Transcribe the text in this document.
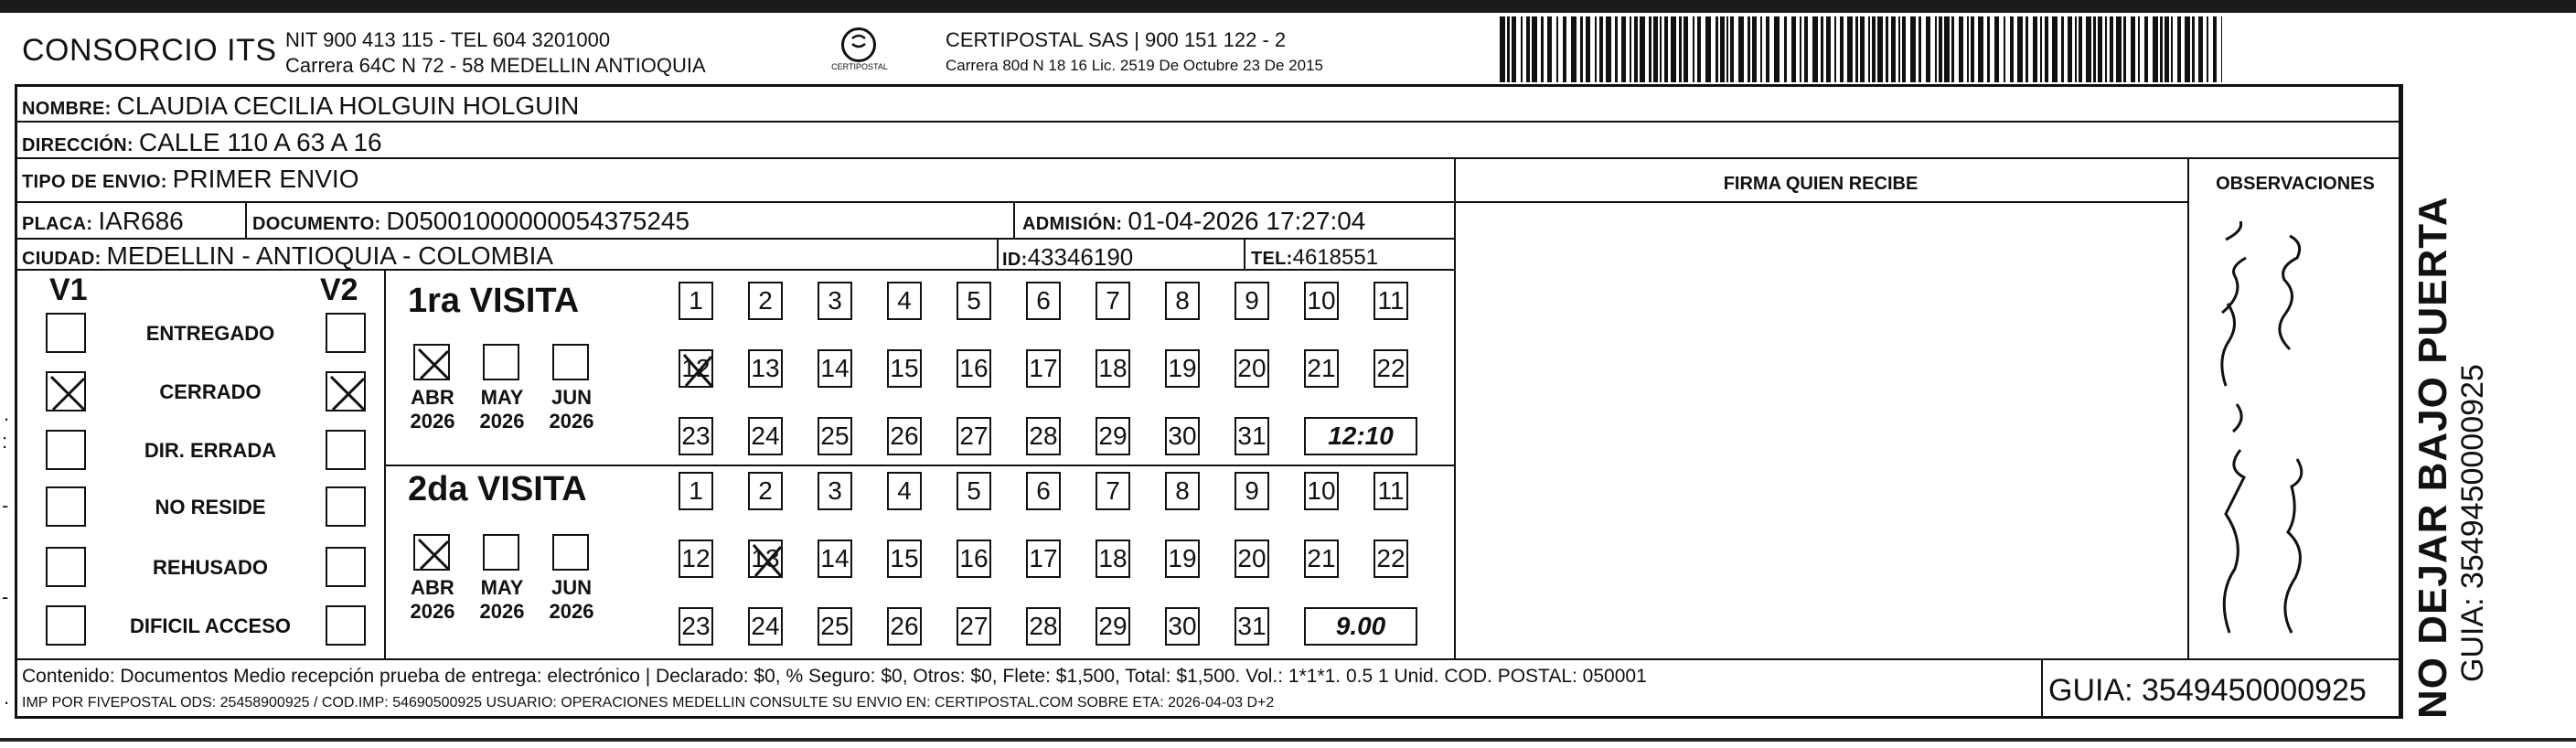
CONSORCIO ITS NIT 900 413 115 - TEL 604 3201000
Carrera 64C N 72 - 58 MEDELLIN ANTIOQUIA	CERTIPOSTAL
CERTIPOSTAL SAS | 900 151 122 - 2
Carrera 80d N 18 16 Lic. 2519 De Octubre 23 De 2015
NOMBRE: CLAUDIA CECILIA HOLGUIN HOLGUIN
DIRECCIÓN: CALLE 110 A 63 A 16
TIPO DE ENVIO: PRIMER ENVIO
PLACA: IAR686	DOCUMENTO: D05001000000054375245	ADMISIÓN: 01-04-2026 17:27:04
CIUDAD: MEDELLIN - ANTIOQUIA - COLOMBIA	ID: 43346190	TEL: 4618551
FIRMA QUIEN RECIBE	OBSERVACIONES
V1	V2
ENTREGADO
CERRADO
DIR. ERRADA
NO RESIDE
REHUSADO
DIFICIL ACCESO
1ra VISITA
2da VISITA
ABR
2026
MAY
2026
JUN
2026
ABR
2026
MAY
2026
JUN
2026
1	2	3	4	5	6	7	8	9	10 11
12 13 14 15 16 17 18 19 20 21 22
23 24 25 26 27 28 29 30 31	12:10
1	2	3	4	5	6	7	8	9	10 11
12 13 14 15 16 17 18 19 20 21 22
23 24 25 26 27 28 29 30 31	9.00
Contenido: Documentos Medio recepción prueba de entrega: electrónico | Declarado: $0, % Seguro: $0, Otros: $0, Flete: $1,500, Total: $1,500. Vol.: 1*1*1. 0.5 1 Unid. COD. POSTAL: 050001
IMP POR FIVEPOSTAL ODS: 25458900925 / COD.IMP: 54690500925 USUARIO: OPERACIONES MEDELLIN CONSULTE SU ENVIO EN: CERTIPOSTAL.COM SOBRE ETA: 2026-04-03 D+2	GUIA: 3549450000925 NO DEJAR BAJO PUERTA GUIA: 3549450000925
:
.
-
-
.
